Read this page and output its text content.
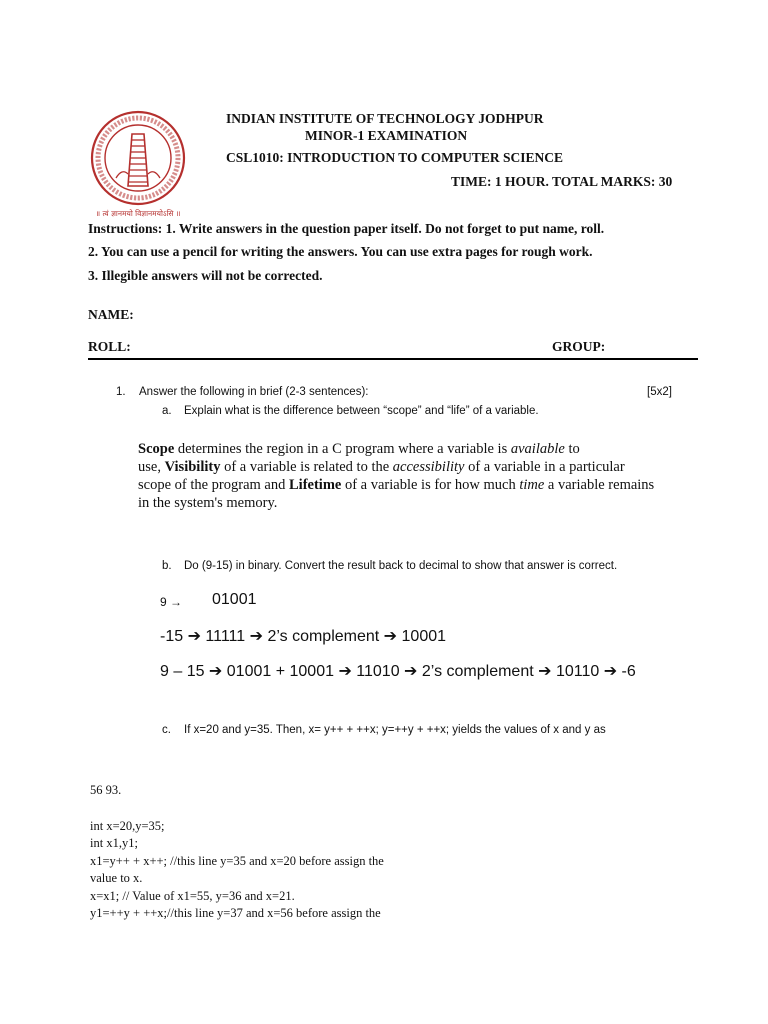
॥ त्वं ज्ञानमयो विज्ञानमयोऽसि ॥
INDIAN INSTITUTE OF TECHNOLOGY JODHPUR
MINOR-1 EXAMINATION
CSL1010: INTRODUCTION TO COMPUTER SCIENCE
TIME: 1 HOUR. TOTAL MARKS: 30
Instructions: 1. Write answers in the question paper itself. Do not forget to put name, roll.
2. You can use a pencil for writing the answers. You can use extra pages for rough work.
3. Illegible answers will not be corrected.
NAME:
ROLL:	GROUP:
1. Answer the following in brief (2-3 sentences):	[5x2]
a. Explain what is the difference between “scope” and “life” of a variable.
Scope determines the region in a C program where a variable is available to
use, Visibility of a variable is related to the accessibility of a variable in a particular
scope of the program and Lifetime of a variable is for how much time a variable remains
in the system's memory.
b. Do (9-15) in binary. Convert the result back to decimal to show that answer is correct.
9 → 01001
-15 ➔ 11111 ➔ 2’s complement ➔ 10001
9 – 15 ➔ 01001 + 10001 ➔ 11010 ➔ 2’s complement ➔ 10110 ➔ -6
c. If x=20 and y=35. Then, x= y++ + ++x; y=++y + ++x; yields the values of x and y as
56 93.
int x=20,y=35;
int x1,y1;
x1=y++ + x++; //this line y=35 and x=20 before assign the
value to x.
x=x1; // Value of x1=55, y=36 and x=21.
y1=++y + ++x;//this line y=37 and x=56 before assign the
